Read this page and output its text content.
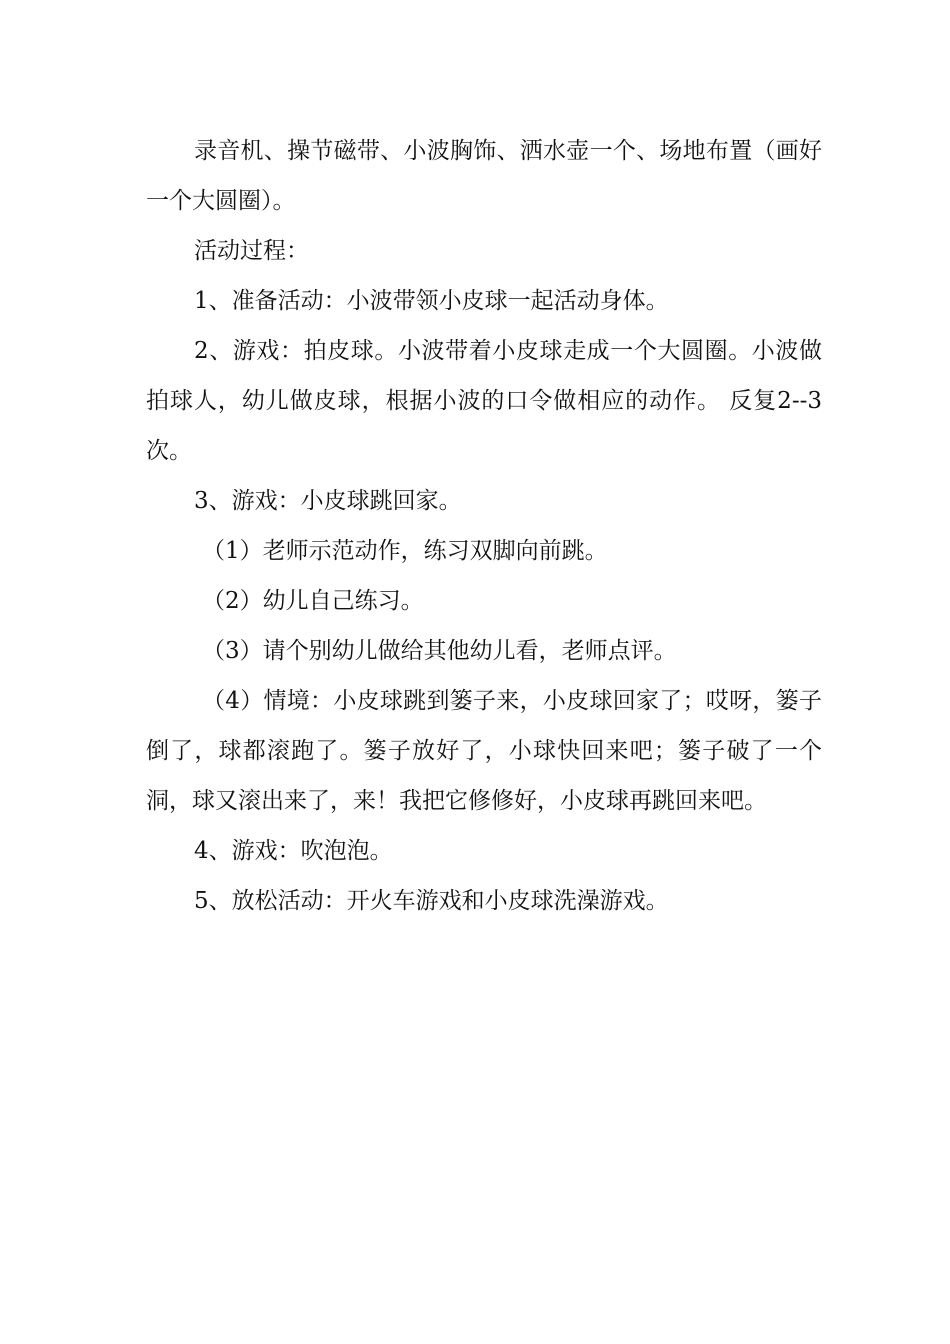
录音机、操节磁带、小波胸饰、洒水壶一个、场地布置（画好一个大圆圈）。

活动过程：

1、准备活动：小波带领小皮球一起活动身体。

2、游戏：拍皮球。小波带着小皮球走成一个大圆圈。小波做拍球人，幼儿做皮球，根据小波的口令做相应的动作。 反复2--3次。

3、游戏：小皮球跳回家。

（1）老师示范动作，练习双脚向前跳。

（2）幼儿自己练习。

（3）请个别幼儿做给其他幼儿看，老师点评。

（4）情境：小皮球跳到篓子来，小皮球回家了；哎呀，篓子倒了，球都滚跑了。篓子放好了，小球快回来吧；篓子破了一个洞，球又滚出来了，来！我把它修修好，小皮球再跳回来吧。

4、游戏：吹泡泡。

5、放松活动：开火车游戏和小皮球洗澡游戏。
